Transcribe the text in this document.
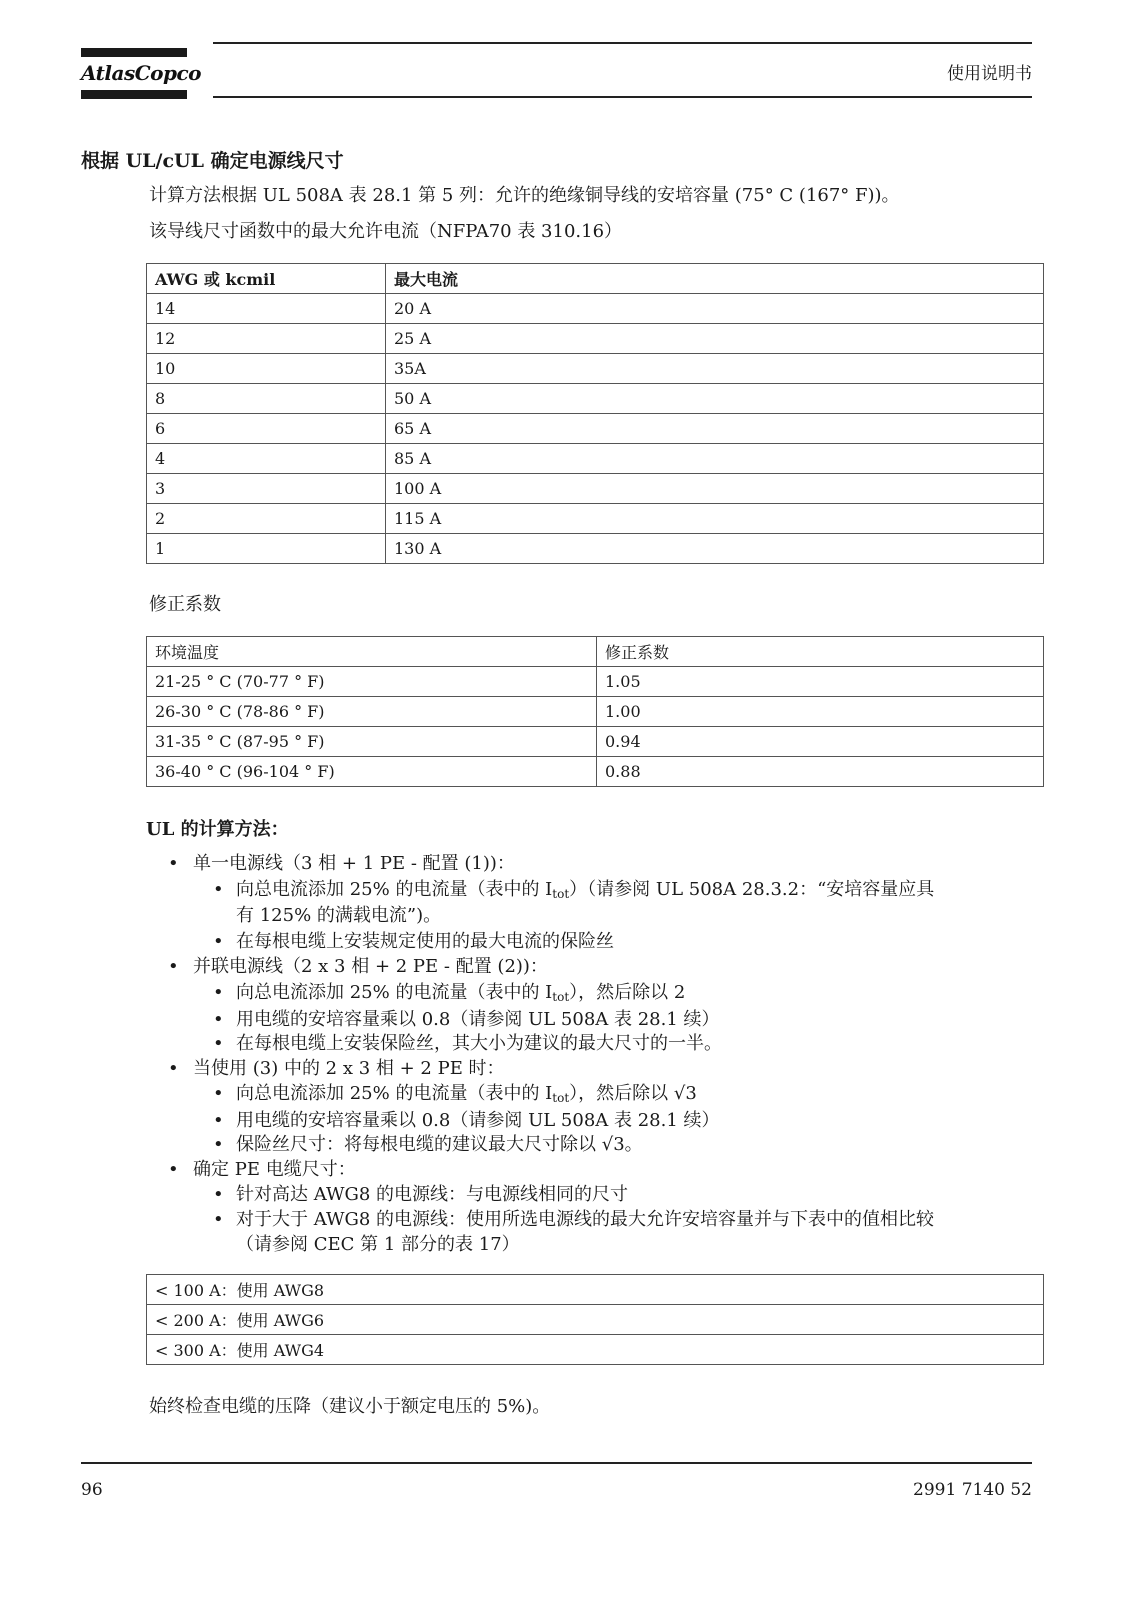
AtlasCopco	使用说明书
根据 UL/cUL 确定电源线尺寸
计算方法根据 UL 508A 表 28.1 第 5 列：允许的绝缘铜导线的安培容量 (75° C (167° F))。
该导线尺寸函数中的最大允许电流（NFPA70 表 310.16）
AWG 或 kcmil	最大电流
14	20 A
12	25 A
10	35A
8	50 A
6	65 A
4	85 A
3	100 A
2	115 A
1	130 A
修正系数
环境温度	修正系数
21-25 ° C (70-77 ° F)	1.05
26-30 ° C (78-86 ° F)	1.00
31-35 ° C (87-95 ° F)	0.94
36-40 ° C (96-104 ° F)	0.88
UL 的计算方法：
• 单一电源线（3 相 + 1 PE - 配置 (1))：
• 向总电流添加 25% 的电流量（表中的 $I_{tot}$）（请参阅 UL 508A 28.3.2：“安培容量应具
有 125% 的满载电流”)。
• 在每根电缆上安装规定使用的最大电流的保险丝
• 并联电源线（2 x 3 相 + 2 PE - 配置 (2))：
• 向总电流添加 25% 的电流量（表中的 $I_{tot}$），然后除以 2
• 用电缆的安培容量乘以 0.8（请参阅 UL 508A 表 28.1 续）
• 在每根电缆上安装保险丝，其大小为建议的最大尺寸的一半。
• 当使用 (3) 中的 2 x 3 相 + 2 PE 时：
• 向总电流添加 25% 的电流量（表中的 $I_{tot}$），然后除以 √3
• 用电缆的安培容量乘以 0.8（请参阅 UL 508A 表 28.1 续）
• 保险丝尺寸：将每根电缆的建议最大尺寸除以 √3。
• 确定 PE 电缆尺寸：
• 针对高达 AWG8 的电源线：与电源线相同的尺寸
• 对于大于 AWG8 的电源线：使用所选电源线的最大允许安培容量并与下表中的值相比较
（请参阅 CEC 第 1 部分的表 17）
< 100 A：使用 AWG8
< 200 A：使用 AWG6
< 300 A：使用 AWG4
始终检查电缆的压降（建议小于额定电压的 5%)。
96	2991 7140 52
